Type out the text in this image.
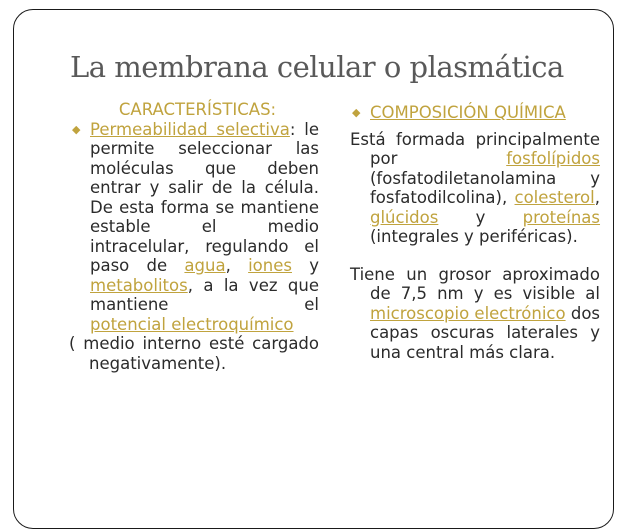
La membrana celular o plasmática
CARACTERÍSTICAS:
◆ Permeabilidad selectiva: le permite seleccionar las moléculas que deben entrar y salir de la célula. De esta forma se mantiene estable el medio intracelular, regulando el paso de agua, iones y metabolitos, a la vez que mantiene el potencial electroquímico
( medio interno esté cargado negativamente).
◆ COMPOSICIÓN QUÍMICA
Está formada principalmente por	fosfolípidos (fosfatodiletanolamina y fosfatodilcolina), colesterol, glúcidos y proteínas (integrales y periféricas).
Tiene un grosor aproximado de 7,5 nm y es visible al microscopio electrónico dos capas oscuras laterales y una central más clara.
